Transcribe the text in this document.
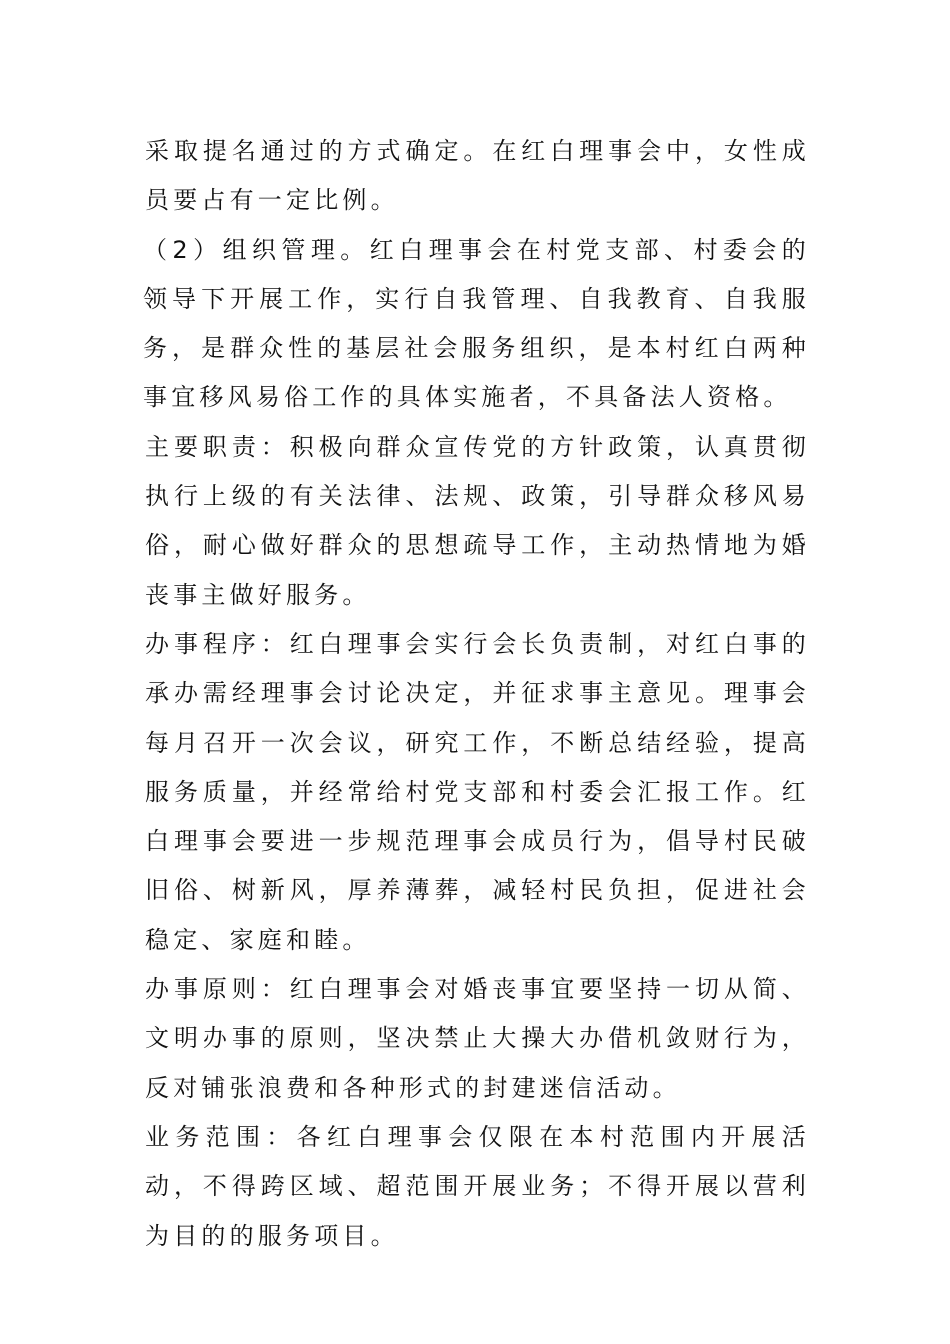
采取提名通过的方式确定。在红白理事会中，女性成员要占有一定比例。

（2）组织管理。红白理事会在村党支部、村委会的领导下开展工作，实行自我管理、自我教育、自我服务，是群众性的基层社会服务组织，是本村红白两种事宜移风易俗工作的具体实施者，不具备法人资格。

主要职责：积极向群众宣传党的方针政策，认真贯彻执行上级的有关法律、法规、政策，引导群众移风易俗，耐心做好群众的思想疏导工作，主动热情地为婚丧事主做好服务。

办事程序：红白理事会实行会长负责制，对红白事的承办需经理事会讨论决定，并征求事主意见。理事会每月召开一次会议，研究工作，不断总结经验，提高服务质量，并经常给村党支部和村委会汇报工作。红白理事会要进一步规范理事会成员行为，倡导村民破旧俗、树新风，厚养薄葬，减轻村民负担，促进社会稳定、家庭和睦。

办事原则：红白理事会对婚丧事宜要坚持一切从简、文明办事的原则，坚决禁止大操大办借机敛财行为，反对铺张浪费和各种形式的封建迷信活动。

业务范围：各红白理事会仅限在本村范围内开展活动，不得跨区域、超范围开展业务；不得开展以营利为目的的服务项目。
